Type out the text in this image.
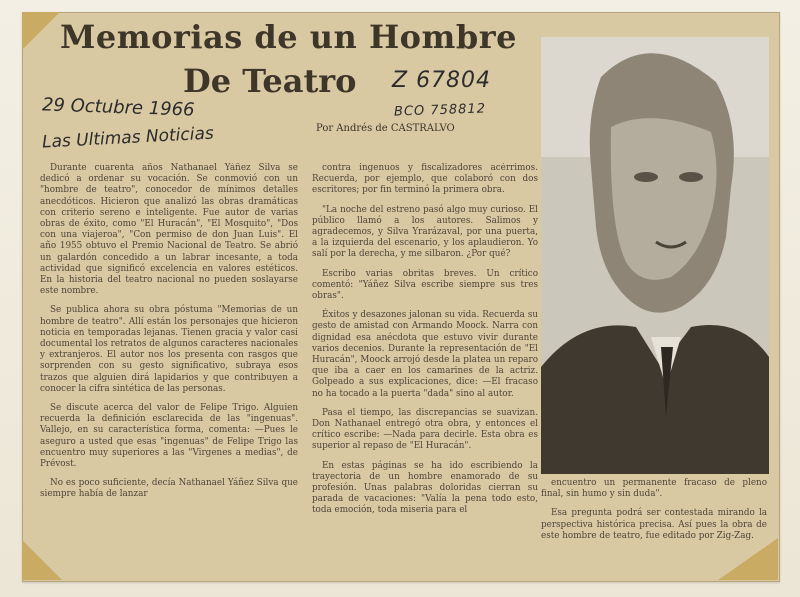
Memorias de un Hombre
De Teatro Z 67804
BCO 758812
29 Octubre 1966
Las Ultimas Noticias	Por Andrés de CASTRALVO

Durante cuarenta años Nathanael Yáñez Silva se dedicó a ordenar su vocación. Se conmovió con un "hombre de teatro", conocedor de mínimos detalles anecdóticos. Hicieron que analizó las obras dramáticas con criterio sereno e inteligente. Fue autor de varias obras de éxito, como "El Huracán", "El Mosquito", "Dos con una viajeroa", "Con permiso de don Juan Luis". El año 1955 obtuvo el Premio Nacional de Teatro. Se abrió un galardón concedido a un labrar incesante, a toda actividad que significó excelencia en valores estéticos. En la historia del teatro nacional no pueden soslayarse este nombre.

Se publica ahora su obra póstuma "Memorias de un hombre de teatro". Allí están los personajes que hicieron noticia en temporadas lejanas. Tienen gracia y valor casi documental los retratos de algunos caracteres nacionales y extranjeros. El autor nos los presenta con rasgos que sorprenden con su gesto significativo, subraya esos trazos que alguien dirá lapidarios y que contribuyen a conocer la cifra sintética de las personas.

Se discute acerca del valor de Felipe Trigo. Alguien recuerda la definición esclarecida de las "ingenuas". Vallejo, en su característica forma, comenta: —Pues le aseguro a usted que esas "ingenuas" de Felipe Trigo las encuentro muy superiores a las "Virgenes a medias", de Prévost.

No es poco suficiente, decía Nathanael Yáñez Silva que siempre había de lanzar

contra ingenuos y fiscalizadores acérrimos. Recuerda, por ejemplo, que colaboró con dos escritores; por fin terminó la primera obra.

"La noche del estreno pasó algo muy curioso. El público llamó a los autores. Salimos y agradecemos, y Silva Yrarázaval, por una puerta, a la izquierda del escenario, y los aplaudieron. Yo salí por la derecha, y me silbaron. ¿Por qué?

Escribo varias obritas breves. Un crítico comentó: "Yáñez Silva escribe siempre sus tres obras".

Éxitos y desazones jalonan su vida. Recuerda su gesto de amistad con Armando Moock. Narra con dignidad esa anécdota que estuvo vivir durante varios decenios. Durante la representación de "El Huracán", Moock arrojó desde la platea un reparo que iba a caer en los camarines de la actriz. Golpeado a sus explicaciones, dice: —El fracaso no ha tocado a la puerta "dada" sino al autor.

Pasa el tiempo, las discrepancias se suavizan. Don Nathanael entregó otra obra, y entonces el crítico escribe: —Nada para decirle. Esta obra es superior al repaso de "El Huracán".

En estas páginas se ha ido escribiendo la trayectoria de un hombre enamorado de su profesión. Unas palabras doloridas cierran su parada de vacaciones: "Valía la pena todo esto, toda emoción, toda miseria para el

encuentro un permanente fracaso de pleno final, sin humo y sin duda".

Esa pregunta podrá ser contestada mirando la perspectiva histórica precisa. Así pues la obra de este hombre de teatro, fue editado por Zig-Zag.
